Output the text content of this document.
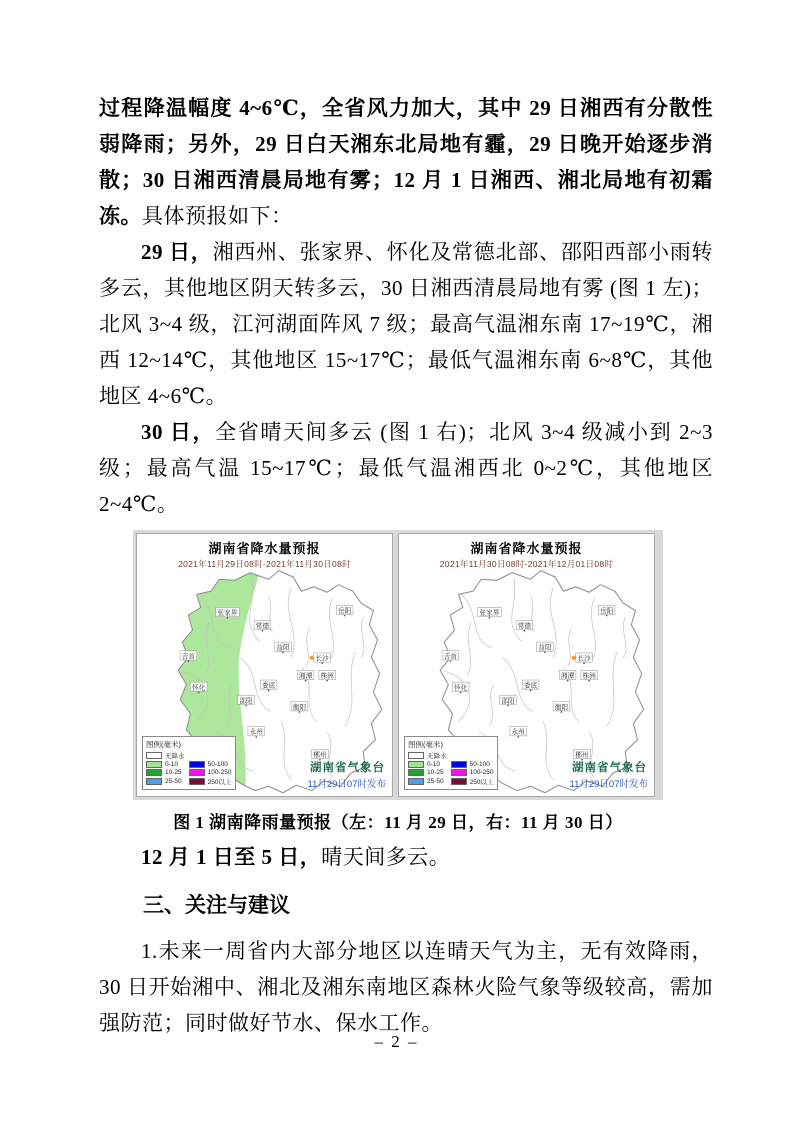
过程降温幅度 4~6℃，全省风力加大，其中 29 日湘西有分散性弱降雨；另外，29 日白天湘东北局地有霾，29 日晚开始逐步消散；30 日湘西清晨局地有雾；12 月 1 日湘西、湘北局地有初霜冻。具体预报如下：

29 日，湘西州、张家界、怀化及常德北部、邵阳西部小雨转多云，其他地区阴天转多云，30 日湘西清晨局地有雾 (图 1 左)；北风 3~4 级，江河湖面阵风 7 级；最高气温湘东南 17~19℃，湘西 12~14℃，其他地区 15~17℃；最低气温湘东南 6~8℃，其他地区 4~6℃。

30 日，全省晴天间多云 (图 1 右)；北风 3~4 级减小到 2~3 级；最高气温 15~17℃；最低气温湘西北 0~2℃，其他地区 2~4℃。

湖南省降水量预报
2021年11月29日08时-2021年11月30日08时
张家界	岳阳
常德
益阳
吉首	长沙
湘潭 株洲
娄底
怀化
邵阳
衡阳
永州
郴州
图例(毫米)
无降水
0-10
10-25
25-50
50-100
100-250
250以上
湖南省气象台
11月29日07时发布
湖南省降水量预报
2021年11月30日08时-2021年12月01日08时
张家界	岳阳
常德
益阳
吉首	长沙
湘潭 株洲
娄底
怀化
邵阳
衡阳
永州
郴州
图例(毫米)
无降水
0-10
10-25
25-50
50-100
100-250
250以上
湖南省气象台
11月29日07时发布
图 1 湖南降雨量预报（左：11 月 29 日，右：11 月 30 日）

12 月 1 日至 5 日，晴天间多云。

三、关注与建议

1.未来一周省内大部分地区以连晴天气为主，无有效降雨，30 日开始湘中、湘北及湘东南地区森林火险气象等级较高，需加强防范；同时做好节水、保水工作。

– 2 –
